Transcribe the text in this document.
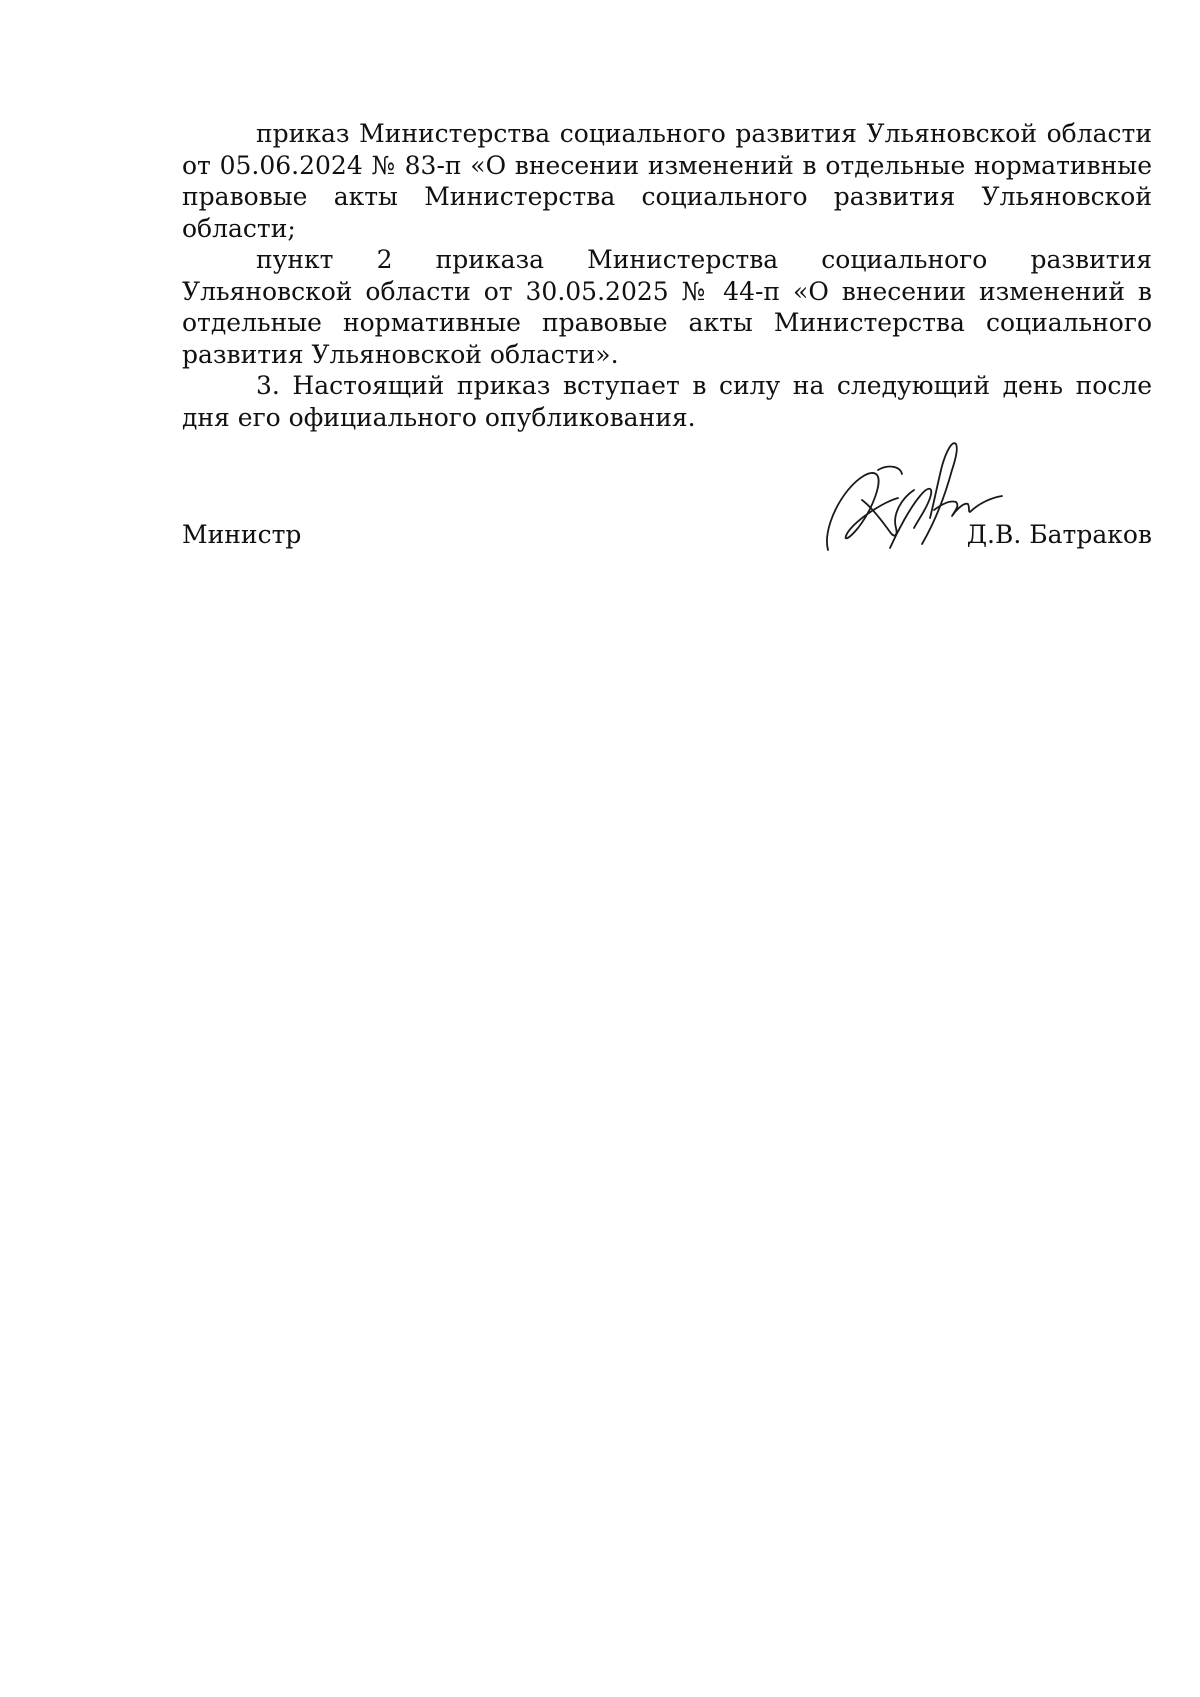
приказ Министерства социального развития Ульяновской области от 05.06.2024 № 83-п «О внесении изменений в отдельные нормативные правовые акты Министерства социального развития Ульяновской области;

пункт 2 приказа Министерства социального развития Ульяновской области от 30.05.2025 № 44-п «О внесении изменений в отдельные нормативные правовые акты Министерства социального развития Ульяновской области».

3. Настоящий приказ вступает в силу на следующий день после дня его официального опубликования.

Министр	Д.В. Батраков
